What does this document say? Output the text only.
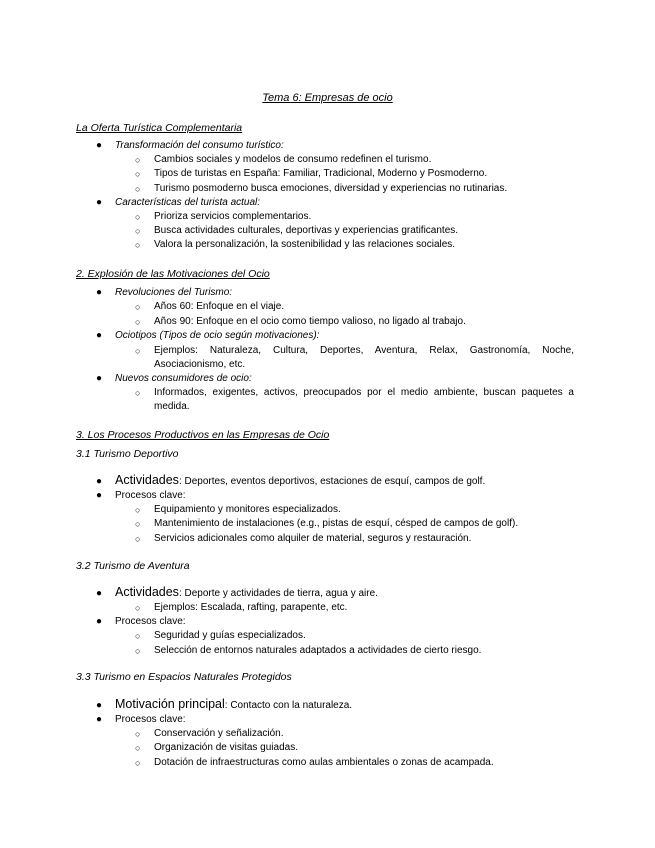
Tema 6: Empresas de ocio
La Oferta Turística Complementaria
● Transformación del consumo turístico:
○ Cambios sociales y modelos de consumo redefinen el turismo.
○ Tipos de turistas en España: Familiar, Tradicional, Moderno y Posmoderno.
○ Turismo posmoderno busca emociones, diversidad y experiencias no rutinarias.
● Características del turista actual:
○ Prioriza servicios complementarios.
○ Busca actividades culturales, deportivas y experiencias gratificantes.
○ Valora la personalización, la sostenibilidad y las relaciones sociales.
2. Explosión de las Motivaciones del Ocio
● Revoluciones del Turismo:
○ Años 60: Enfoque en el viaje.
○ Años 90: Enfoque en el ocio como tiempo valioso, no ligado al trabajo.
● Ociotipos (Tipos de ocio según motivaciones):
○ Ejemplos: Naturaleza, Cultura, Deportes, Aventura, Relax, Gastronomía, Noche, Asociacionismo, etc.
● Nuevos consumidores de ocio:
○ Informados, exigentes, activos, preocupados por el medio ambiente, buscan paquetes a medida.
3. Los Procesos Productivos en las Empresas de Ocio
3.1 Turismo Deportivo
● Actividades: Deportes, eventos deportivos, estaciones de esquí, campos de golf.
● Procesos clave:
○ Equipamiento y monitores especializados.
○ Mantenimiento de instalaciones (e.g., pistas de esquí, césped de campos de golf).
○ Servicios adicionales como alquiler de material, seguros y restauración.
3.2 Turismo de Aventura
● Actividades: Deporte y actividades de tierra, agua y aire.
○ Ejemplos: Escalada, rafting, parapente, etc.
● Procesos clave:
○ Seguridad y guías especializados.
○ Selección de entornos naturales adaptados a actividades de cierto riesgo.
3.3 Turismo en Espacios Naturales Protegidos
● Motivación principal: Contacto con la naturaleza.
● Procesos clave:
○ Conservación y señalización.
○ Organización de visitas guiadas.
○ Dotación de infraestructuras como aulas ambientales o zonas de acampada.
